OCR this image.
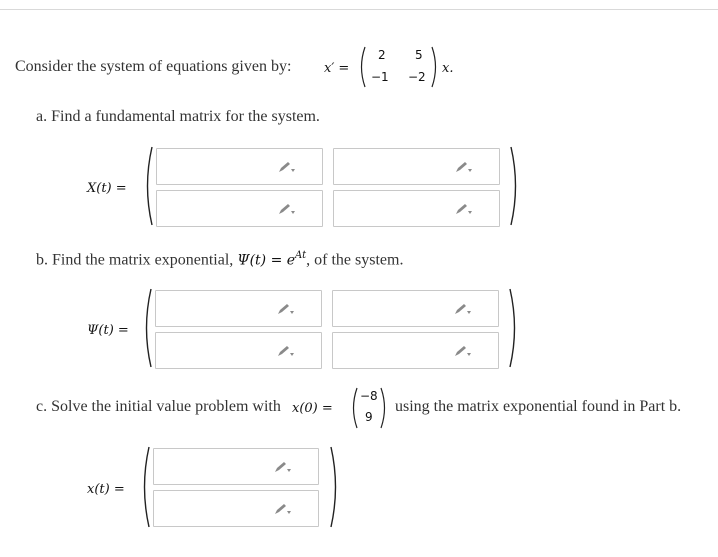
Consider the system of equations given by:	x′ =
2 5
−1 −2
x.
a. Find a fundamental matrix for the system.
X(t) =
b. Find the matrix exponential, $\Psi(t) = e^{At}$, of the system.
Ψ(t) =
c. Solve the initial value problem with x(0) =
−8
9
using the matrix exponential found in Part b.
x(t) =
